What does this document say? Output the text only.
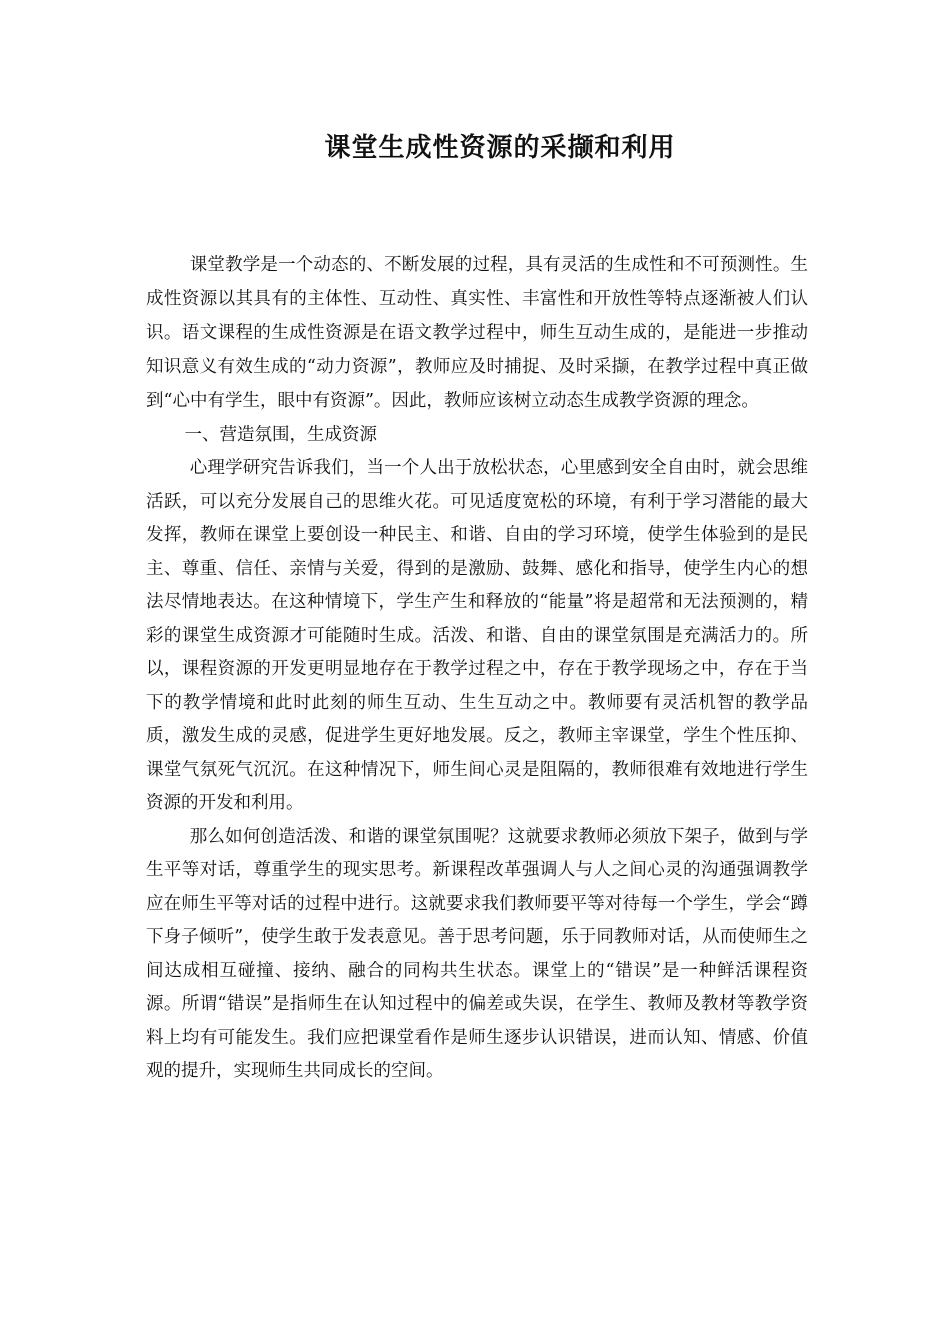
课堂生成性资源的采撷和利用

课堂教学是一个动态的、不断发展的过程，具有灵活的生成性和不可预测性。生成性资源以其具有的主体性、互动性、真实性、丰富性和开放性等特点逐渐被人们认识。语文课程的生成性资源是在语文教学过程中，师生互动生成的，是能进一步推动知识意义有效生成的“动力资源”，教师应及时捕捉、及时采撷，在教学过程中真正做到“心中有学生，眼中有资源”。因此，教师应该树立动态生成教学资源的理念。

一、营造氛围，生成资源

心理学研究告诉我们，当一个人出于放松状态，心里感到安全自由时，就会思维活跃，可以充分发展自己的思维火花。可见适度宽松的环境，有利于学习潜能的最大发挥，教师在课堂上要创设一种民主、和谐、自由的学习环境，使学生体验到的是民主、尊重、信任、亲情与关爱，得到的是激励、鼓舞、感化和指导，使学生内心的想法尽情地表达。在这种情境下，学生产生和释放的“能量”将是超常和无法预测的，精彩的课堂生成资源才可能随时生成。活泼、和谐、自由的课堂氛围是充满活力的。所以，课程资源的开发更明显地存在于教学过程之中，存在于教学现场之中，存在于当下的教学情境和此时此刻的师生互动、生生互动之中。教师要有灵活机智的教学品质，激发生成的灵感，促进学生更好地发展。反之，教师主宰课堂，学生个性压抑、课堂气氛死气沉沉。在这种情况下，师生间心灵是阻隔的，教师很难有效地进行学生资源的开发和利用。

那么如何创造活泼、和谐的课堂氛围呢？这就要求教师必须放下架子，做到与学生平等对话，尊重学生的现实思考。新课程改革强调人与人之间心灵的沟通强调教学应在师生平等对话的过程中进行。这就要求我们教师要平等对待每一个学生，学会“蹲下身子倾听”，使学生敢于发表意见。善于思考问题，乐于同教师对话，从而使师生之间达成相互碰撞、接纳、融合的同构共生状态。课堂上的“错误”是一种鲜活课程资源。所谓“错误”是指师生在认知过程中的偏差或失误，在学生、教师及教材等教学资料上均有可能发生。我们应把课堂看作是师生逐步认识错误，进而认知、情感、价值观的提升，实现师生共同成长的空间。
